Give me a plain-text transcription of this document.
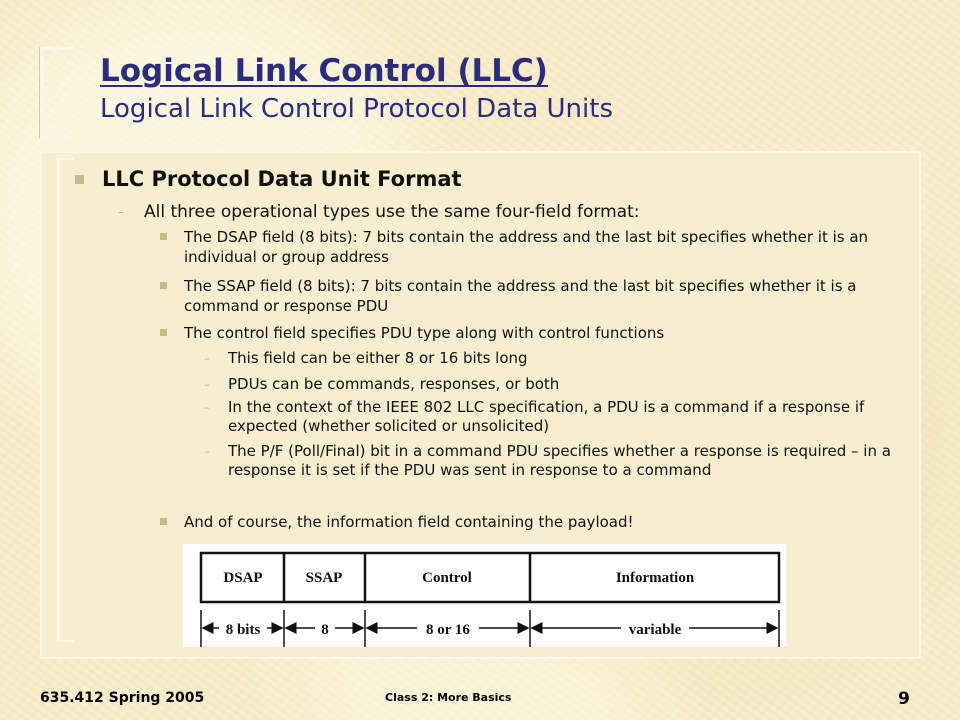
Logical Link Control (LLC)
Logical Link Control Protocol Data Units
LLC Protocol Data Unit Format
–	All three operational types use the same four-field format:
The DSAP field (8 bits): 7 bits contain the address and the last bit specifies whether it is an individual or group address
The SSAP field (8 bits): 7 bits contain the address and the last bit specifies whether it is a command or response PDU
The control field specifies PDU type along with control functions
This field can be either 8 or 16 bits long
PDUs can be commands, responses, or both
In the context of the IEEE 802 LLC specification, a PDU is a command if a response if expected (whether solicited or unsolicited)
The P/F (Poll/Final) bit in a command PDU specifies whether a response is required – in a response it is set if the PDU was sent in response to a command
And of course, the information field containing the payload!
DSAP	SSAP	Control	Information
8 bits	8	8 or 16	variable
635.412 Spring 2005	Class 2: More Basics	9
